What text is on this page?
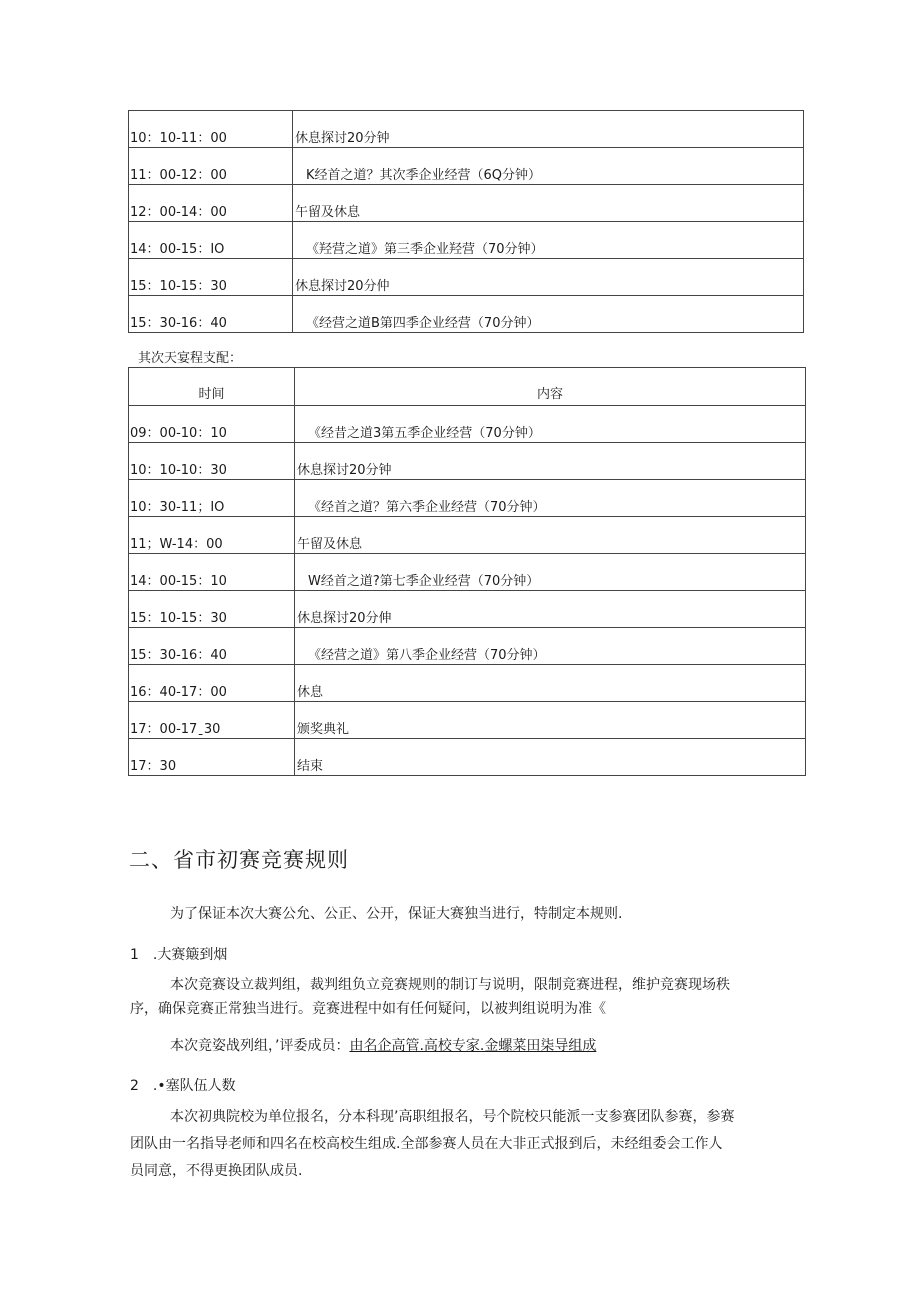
10：10-11：00	休息探讨20分钟
11：00-12：00	K经首之道？其次季企业经营（6Q分钟）
12：00-14：00	午留及休息
14：00-15：IO	《羟营之道》第三季企业羟营（70分钟）
15：10-15：30	休息探讨20分仲
15：30-16：40	《经营之道B第四季企业经营（70分钟）
其次天宴程支配：
时间	内容
09：00-10：10	《经昔之道3第五季企业经营（70分钟）
10：10-10：30	休息探讨20分钟
10：30-11；IO	《经首之道？第六季企业经营（70分钟）
11；W-14：00	午留及休息
14：00-15：10	W经首之道?第七季企业经营（70分钟）
15：10-15：30	休息探讨20分伸
15：30-16：40	《经营之道》第八季企业经营（70分钟）
16：40-17：00	休息
17：00-17ˍ30	颁奖典礼
17：30	结束
二、省市初赛竞赛规则
为了保证本次大赛公允、公正、公开，保证大赛独当进行，特制定本规则.
1　.大赛簸到烟
本次竞赛设立裁判组，裁判组负立竞赛规则的制订与说明，限制竞赛进程，维护竞赛现场秩
序，确保竞赛正常独当进行。竞赛进程中如有任何疑问，以被判组说明为准《
本次竞姿战列组，’评委成员：由名企高管.高校专家.金螺菜田柒导组成
2　.•塞队伍人数
本次初典院校为单位报名，分本科现’高职组报名，号个院校只能派一支参赛团队参赛，参赛
团队由一名指导老师和四名在校高校生组成.全部参赛人员在大非正式报到后，未经组委会工作人
员同意，不得更换团队成员.
